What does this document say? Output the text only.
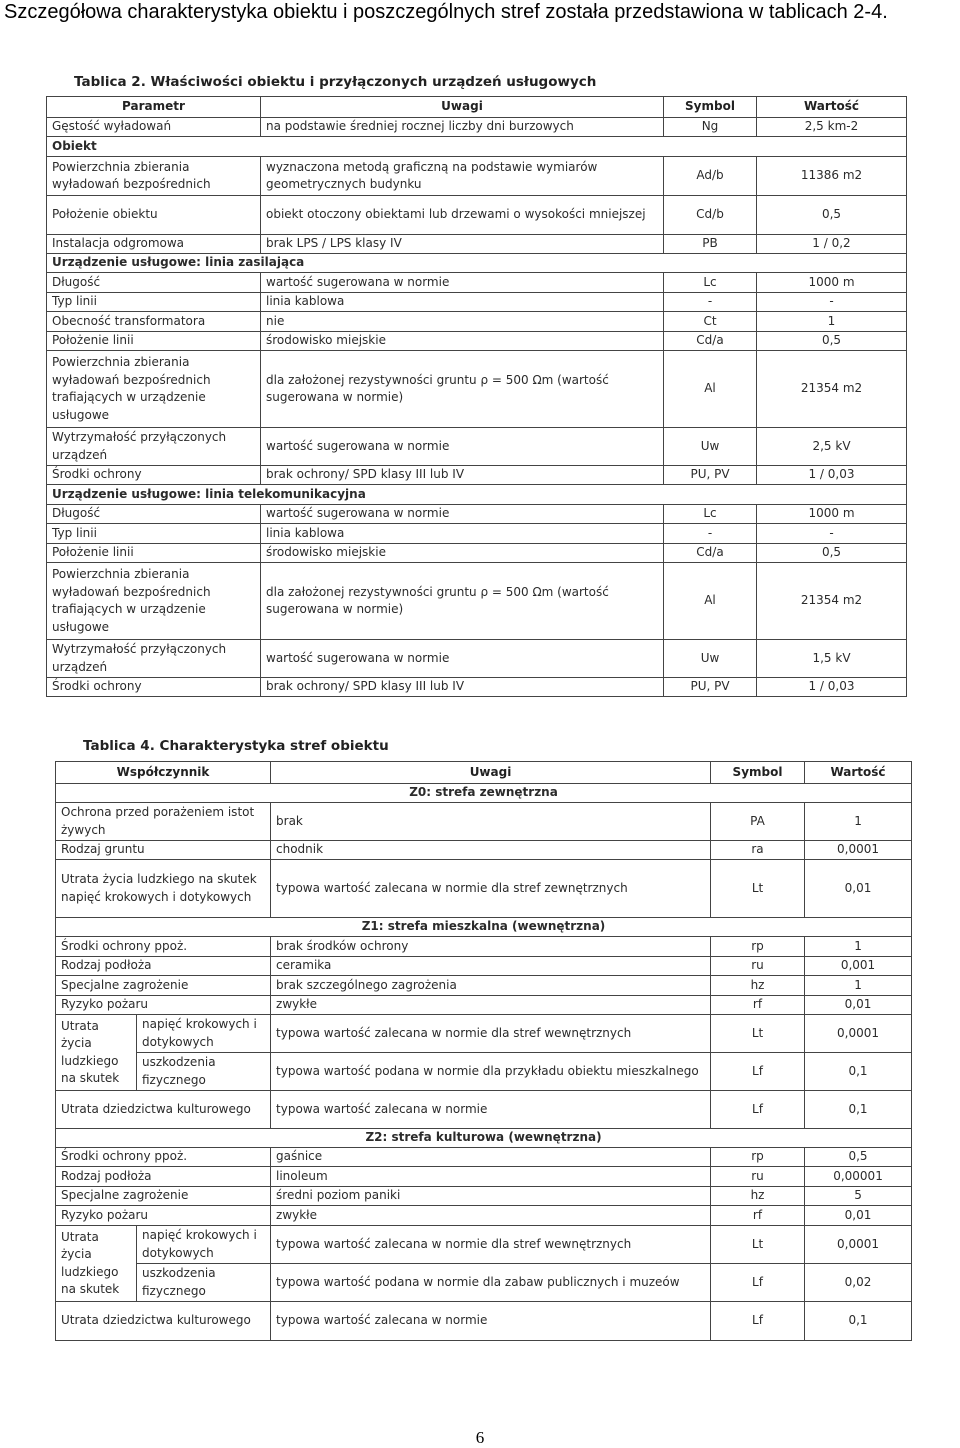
Szczegółowa charakterystyka obiektu i poszczególnych stref została przedstawiona w tablicach 2-4.
Tablica 2. Właściwości obiektu i przyłączonych urządzeń usługowych
Parametr	Uwagi	Symbol	Wartość
Gęstość wyładowań	na podstawie średniej rocznej liczby dni burzowych	Ng	2,5 km-2
Obiekt			
Powierzchnia zbierania wyładowań bezpośrednich	wyznaczona metodą graficzną na podstawie wymiarów geometrycznych budynku	Ad/b	11386 m2
Położenie obiektu	obiekt otoczony obiektami lub drzewami o wysokości mniejszej	Cd/b	0,5
Instalacja odgromowa	brak LPS / LPS klasy IV	PB	1 / 0,2
Urządzenie usługowe: linia zasilająca			
Długość	wartość sugerowana w normie	Lc	1000 m
Typ linii	linia kablowa	-	-
Obecność transformatora	nie	Ct	1
Położenie linii	środowisko miejskie	Cd/a	0,5
Powierzchnia zbierania wyładowań bezpośrednich trafiających w urządzenie usługowe	dla założonej rezystywności gruntu ρ = 500 Ωm (wartość sugerowana w normie)	Al	21354 m2
Wytrzymałość przyłączonych urządzeń	wartość sugerowana w normie	Uw	2,5 kV
Środki ochrony	brak ochrony/ SPD klasy III lub IV	PU, PV	1 / 0,03
Urządzenie usługowe: linia telekomunikacyjna			
Długość	wartość sugerowana w normie	Lc	1000 m
Typ linii	linia kablowa	-	-
Położenie linii	środowisko miejskie	Cd/a	0,5
Powierzchnia zbierania wyładowań bezpośrednich trafiających w urządzenie usługowe	dla założonej rezystywności gruntu ρ = 500 Ωm (wartość sugerowana w normie)	Al	21354 m2
Wytrzymałość przyłączonych urządzeń	wartość sugerowana w normie	Uw	1,5 kV
Środki ochrony	brak ochrony/ SPD klasy III lub IV	PU, PV	1 / 0,03
Tablica 4. Charakterystyka stref obiektu
Współczynnik		Uwagi	Symbol	Wartość
Z0: strefa zewnętrzna				
Ochrona przed porażeniem istot żywych		brak	PA	1
Rodzaj gruntu		chodnik	ra	0,0001
Utrata życia ludzkiego na skutek napięć krokowych i dotykowych		typowa wartość zalecana w normie dla stref zewnętrznych	Lt	0,01
Z1: strefa mieszkalna (wewnętrzna)				
Środki ochrony ppoż.		brak środków ochrony	rp	1
Rodzaj podłoża		ceramika	ru	0,001
Specjalne zagrożenie		brak szczególnego zagrożenia	hz	1
Ryzyko pożaru		zwykłe	rf	0,01
Utrata życia ludzkiego na skutek	napięć krokowych i dotykowych	typowa wartość zalecana w normie dla stref wewnętrznych	Lt	0,0001
	uszkodzenia fizycznego	typowa wartość podana w normie dla przykładu obiektu mieszkalnego	Lf	0,1
Utrata dziedzictwa kulturowego		typowa wartość zalecana w normie	Lf	0,1
Z2: strefa kulturowa (wewnętrzna)				
Środki ochrony ppoż.		gaśnice	rp	0,5
Rodzaj podłoża		linoleum	ru	0,00001
Specjalne zagrożenie		średni poziom paniki	hz	5
Ryzyko pożaru		zwykłe	rf	0,01
Utrata życia ludzkiego na skutek	napięć krokowych i dotykowych	typowa wartość zalecana w normie dla stref wewnętrznych	Lt	0,0001
	uszkodzenia fizycznego	typowa wartość podana w normie dla zabaw publicznych i muzeów	Lf	0,02
Utrata dziedzictwa kulturowego		typowa wartość zalecana w normie	Lf	0,1
6
